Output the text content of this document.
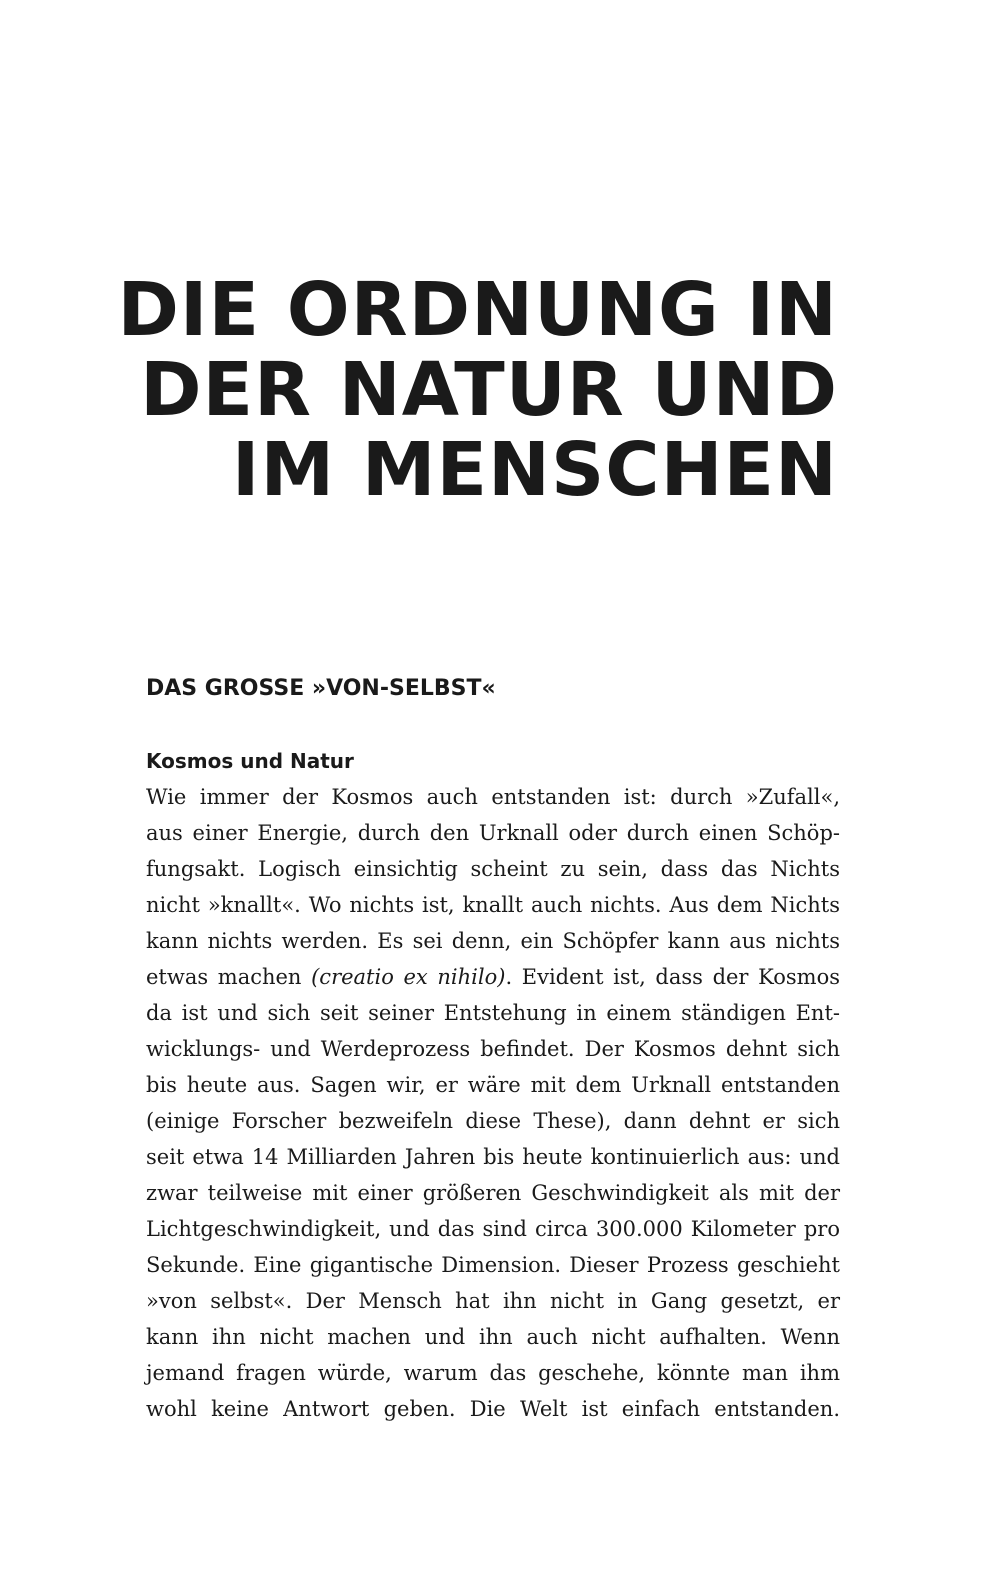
DIE ORDNUNG IN
DER NATUR UND
IM MENSCHEN
DAS GROSSE »VON-SELBST«
Kosmos und Natur
Wie immer der Kosmos auch entstanden ist: durch »Zufall«,
aus einer Energie, durch den Urknall oder durch einen Schöp-
fungsakt. Logisch einsichtig scheint zu sein, dass das Nichts
nicht »knallt«. Wo nichts ist, knallt auch nichts. Aus dem Nichts
kann nichts werden. Es sei denn, ein Schöpfer kann aus nichts
etwas machen (creatio ex nihilo). Evident ist, dass der Kosmos
da ist und sich seit seiner Entstehung in einem ständigen Ent-
wicklungs- und Werdeprozess befindet. Der Kosmos dehnt sich
bis heute aus. Sagen wir, er wäre mit dem Urknall entstanden
(einige Forscher bezweifeln diese These), dann dehnt er sich
seit etwa 14 Milliarden Jahren bis heute kontinuierlich aus: und
zwar teilweise mit einer größeren Geschwindigkeit als mit der
Lichtgeschwindigkeit, und das sind circa 300.000 Kilometer pro
Sekunde. Eine gigantische Dimension. Dieser Prozess geschieht
»von selbst«. Der Mensch hat ihn nicht in Gang gesetzt, er
kann ihn nicht machen und ihn auch nicht aufhalten. Wenn
jemand fragen würde, warum das geschehe, könnte man ihm
wohl keine Antwort geben. Die Welt ist einfach entstanden.
